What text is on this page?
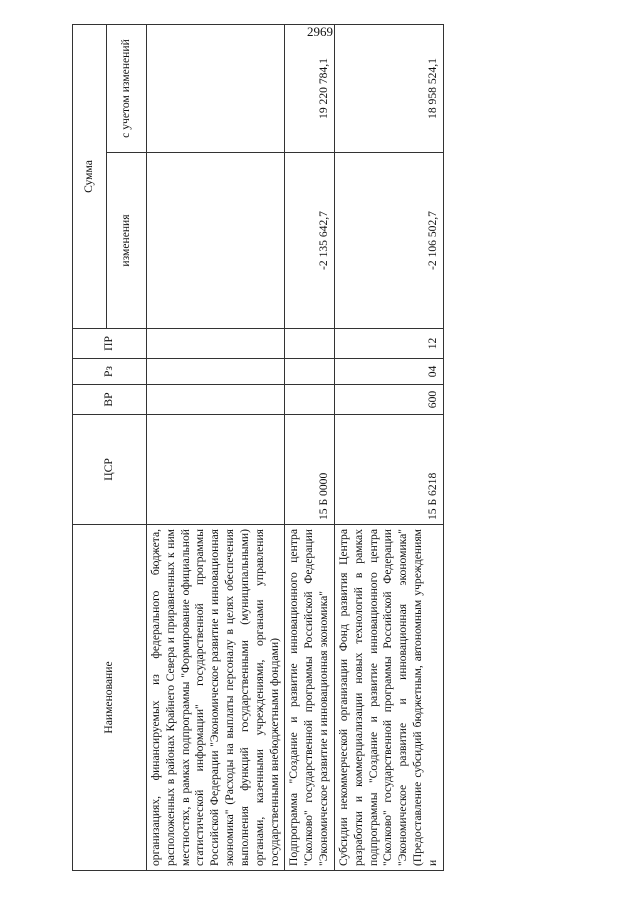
2969
Наименование	ЦСР	ВР	Рз	ПР	Сумма	
					изменения	с учетом изменений
организациях, финансируемых из федерального бюджета, расположенных в районах Крайнего Севера и приравненных к ним местностях, в рамках подпрограммы "Формирование официальной статистической информации" государственной программы Российской Федерации "Экономическое развитие и инновационная экономика" (Расходы на выплаты персоналу в целях обеспечения выполнения функций государственными (муниципальными) органами, казенными учреждениями, органами управления государственными внебюджетными фондами)						
Подпрограмма "Создание и развитие инновационного центра "Сколково" государственной программы Российской Федерации "Экономическое развитие и инновационная экономика"	15 Б 0000				-2 135 642,7	19 220 784,1
Субсидии некоммерческой организации Фонд развития Центра разработки и коммерциализации новых технологий в рамках подпрограммы "Создание и развитие инновационного центра "Сколково" государственной программы Российской Федерации "Экономическое развитие и инновационная экономика" (Предоставление субсидий бюджетным, автономным учреждениям и	15 Б 6218	600	04	12	-2 106 502,7	18 958 524,1
